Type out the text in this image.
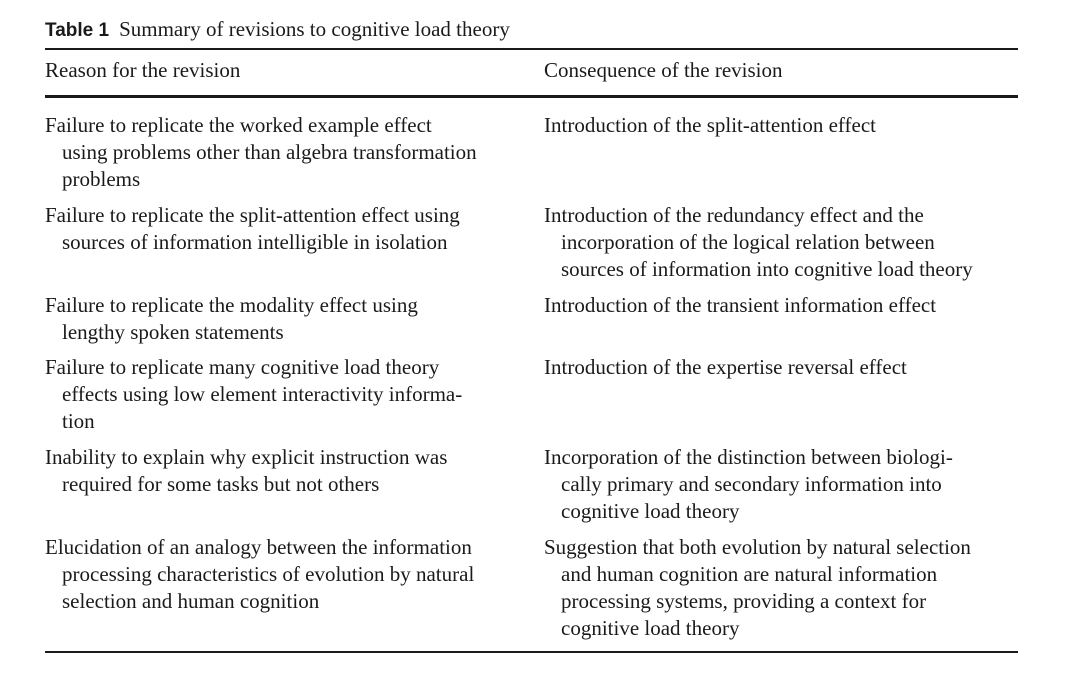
Table 1 Summary of revisions to cognitive load theory
Reason for the revision	Consequence of the revision
Failure to replicate the worked example effect
using problems other than algebra transformation
problems
Introduction of the split-attention effect
Failure to replicate the split-attention effect using
sources of information intelligible in isolation
Introduction of the redundancy effect and the
incorporation of the logical relation between
sources of information into cognitive load theory
Failure to replicate the modality effect using
lengthy spoken statements
Introduction of the transient information effect
Failure to replicate many cognitive load theory
effects using low element interactivity informa-
tion
Introduction of the expertise reversal effect
Inability to explain why explicit instruction was
required for some tasks but not others
Incorporation of the distinction between biologi-
cally primary and secondary information into
cognitive load theory
Elucidation of an analogy between the information
processing characteristics of evolution by natural
selection and human cognition
Suggestion that both evolution by natural selection
and human cognition are natural information
processing systems, providing a context for
cognitive load theory
